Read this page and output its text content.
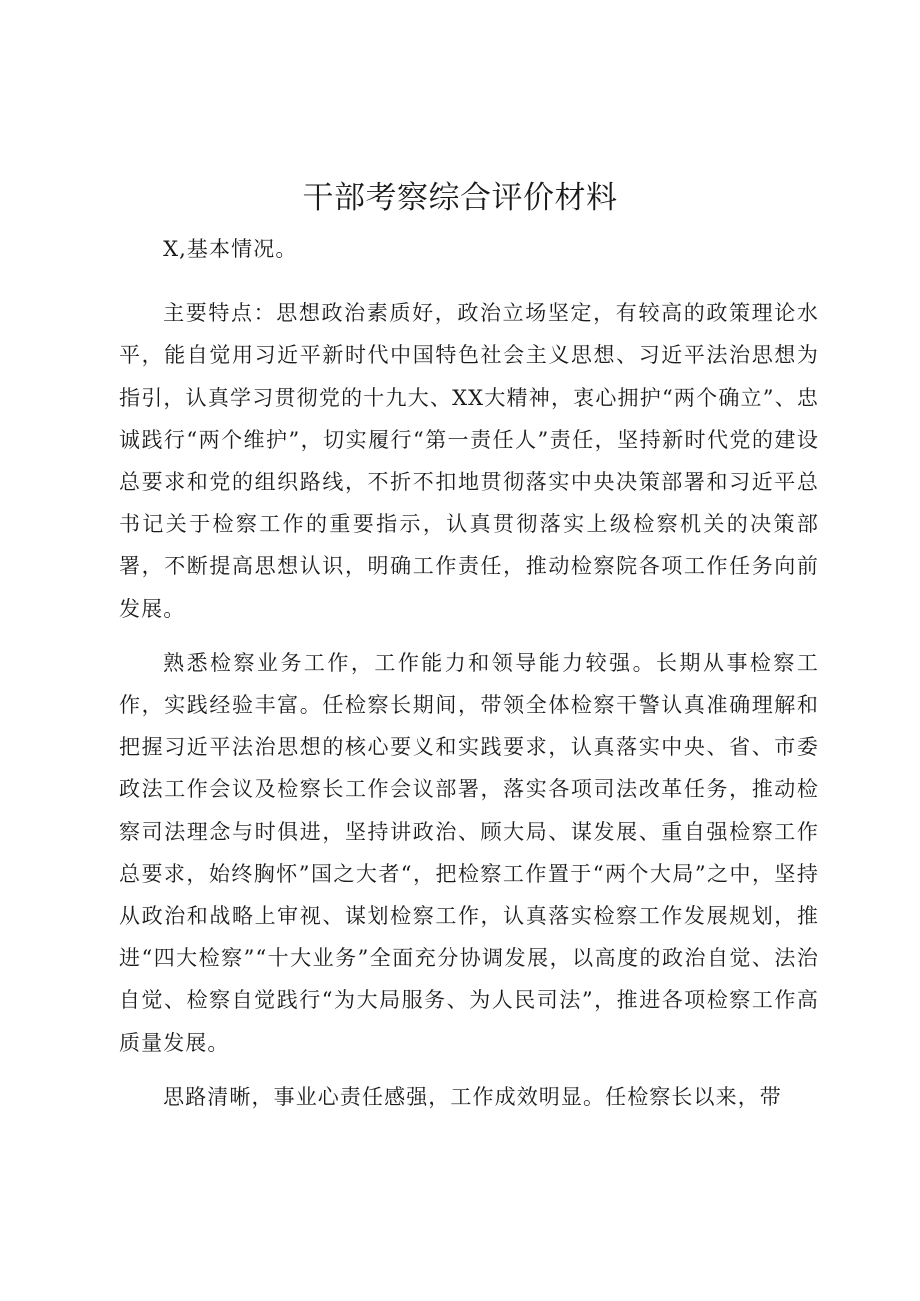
干部考察综合评价材料

X,基本情况。

主要特点：思想政治素质好，政治立场坚定，有较高的政策理论水平，能自觉用习近平新时代中国特色社会主义思想、习近平法治思想为指引，认真学习贯彻党的十九大、XX大精神，衷心拥护“两个确立”、忠诚践行“两个维护”，切实履行“第一责任人”责任，坚持新时代党的建设总要求和党的组织路线，不折不扣地贯彻落实中央决策部署和习近平总书记关于检察工作的重要指示，认真贯彻落实上级检察机关的决策部署，不断提高思想认识，明确工作责任，推动检察院各项工作任务向前发展。

熟悉检察业务工作，工作能力和领导能力较强。长期从事检察工作，实践经验丰富。任检察长期间，带领全体检察干警认真准确理解和把握习近平法治思想的核心要义和实践要求，认真落实中央、省、市委政法工作会议及检察长工作会议部署，落实各项司法改革任务，推动检察司法理念与时俱进，坚持讲政治、顾大局、谋发展、重自强检察工作总要求，始终胸怀”国之大者“，把检察工作置于“两个大局”之中，坚持从政治和战略上审视、谋划检察工作，认真落实检察工作发展规划，推进“四大检察”“十大业务”全面充分协调发展，以高度的政治自觉、法治自觉、检察自觉践行“为大局服务、为人民司法”，推进各项检察工作高质量发展。

思路清晰，事业心责任感强，工作成效明显。任检察长以来，带
